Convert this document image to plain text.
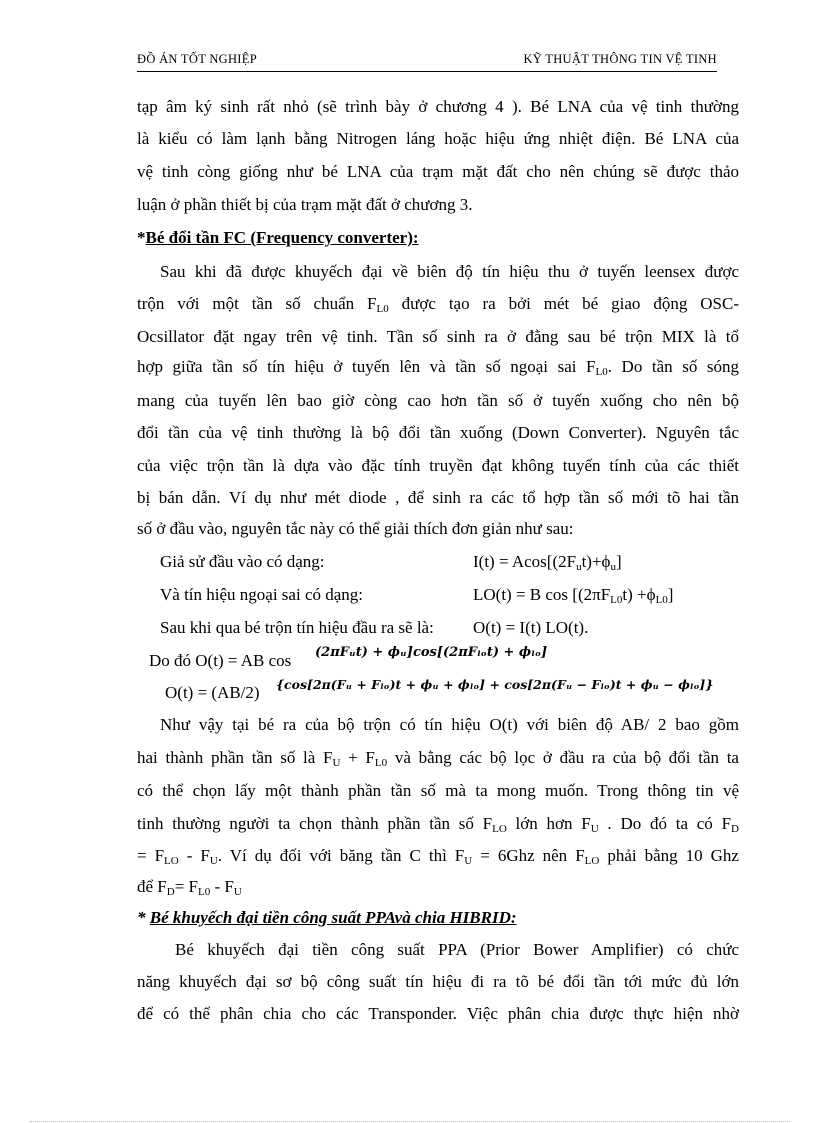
ĐỒ ÁN TỐT NGHIỆP	KỸ THUẬT THÔNG TIN VỆ TINH
tạp âm ký sinh rất nhỏ (sẽ trình bày ở chương 4 ). Bé LNA của vệ tinh thường
là kiểu có làm lạnh bằng Nitrogen láng hoặc hiệu ứng nhiệt điện. Bé LNA của
vệ tinh còng giống như bé LNA của trạm mặt đất cho nên chúng sẽ được thảo
luận ở phần thiết bị của trạm mặt đất ở chương 3.
*Bé đổi tần FC (Frequency converter):
Sau khi đã được khuyếch đại về biên độ tín hiệu thu ở tuyến leensex được
trộn với một tần số chuẩn $F_{L0}$ được tạo ra bởi mét bé giao động OSC-
Ocsillator đặt ngay trên vệ tinh. Tần số sinh ra ở đằng sau bé trộn MIX là tổ
hợp giữa tần số tín hiệu ở tuyến lên và tần số ngoại sai $F_{L0}$. Do tần số sóng
mang của tuyến lên bao giờ còng cao hơn tần số ở tuyến xuống cho nên bộ
đổi tần của vệ tinh thường là bộ đổi tần xuống (Down Converter). Nguyên tắc
của việc trộn tần là dựa vào đặc tính truyền đạt không tuyến tính của các thiết
bị bán dẫn. Ví dụ như mét diode , để sinh ra các tổ hợp tần số mới tõ hai tần
số ở đầu vào, nguyên tắc này có thể giải thích đơn giản như sau:
Giả sử đầu vào có dạng:	$I(t) = Acos[(2F_ut)+\phi_u]$
Và tín hiệu ngoại sai có dạng:	LO(t) = B $\cos [(2\pi F_{L0}t) +\phi_{L0}]$
Sau khi qua bé trộn tín hiệu đầu ra sẽ là: O(t) = I(t) LO(t).
Do đó O(t) = AB cos (2πFᵤt) + ϕᵤ]cos[(2πFₗₒt) + ϕₗₒ]
O(t) = (AB/2) {cos[2π(Fᵤ + Fₗₒ)t + ϕᵤ + ϕₗₒ] + cos[2π(Fᵤ − Fₗₒ)t + ϕᵤ − ϕₗₒ]}
Như vậy tại bé ra của bộ trộn có tín hiệu O(t) với biên độ AB/ 2 bao gồm
hai thành phần tần số là $F_U + F_{L0}$ và bằng các bộ lọc ở đầu ra của bộ đổi tần ta
có thể chọn lấy một thành phần tần số mà ta mong muốn. Trong thông tin vệ
tinh thường người ta chọn thành phần tần số $F_{LO}$ lớn hơn $F_U$ . Do đó ta có $F_D$
= $F_{LO} - F_U$. Ví dụ đối với băng tần C thì $F_U = 6Ghz$ nên $F_{LO}$ phải bằng 10 Ghz
để $F_D= F_{L0} - F_U$
* Bé khuyếch đại tiền công suất PPAvà chia HIBRID:
Bé khuyếch đại tiền công suất PPA (Prior Bower Amplifier) có chức
năng khuyếch đại sơ bộ công suất tín hiệu đi ra tõ bé đổi tần tới mức đủ lớn
để có thể phân chia cho các Transponder. Việc phân chia được thực hiện nhờ
